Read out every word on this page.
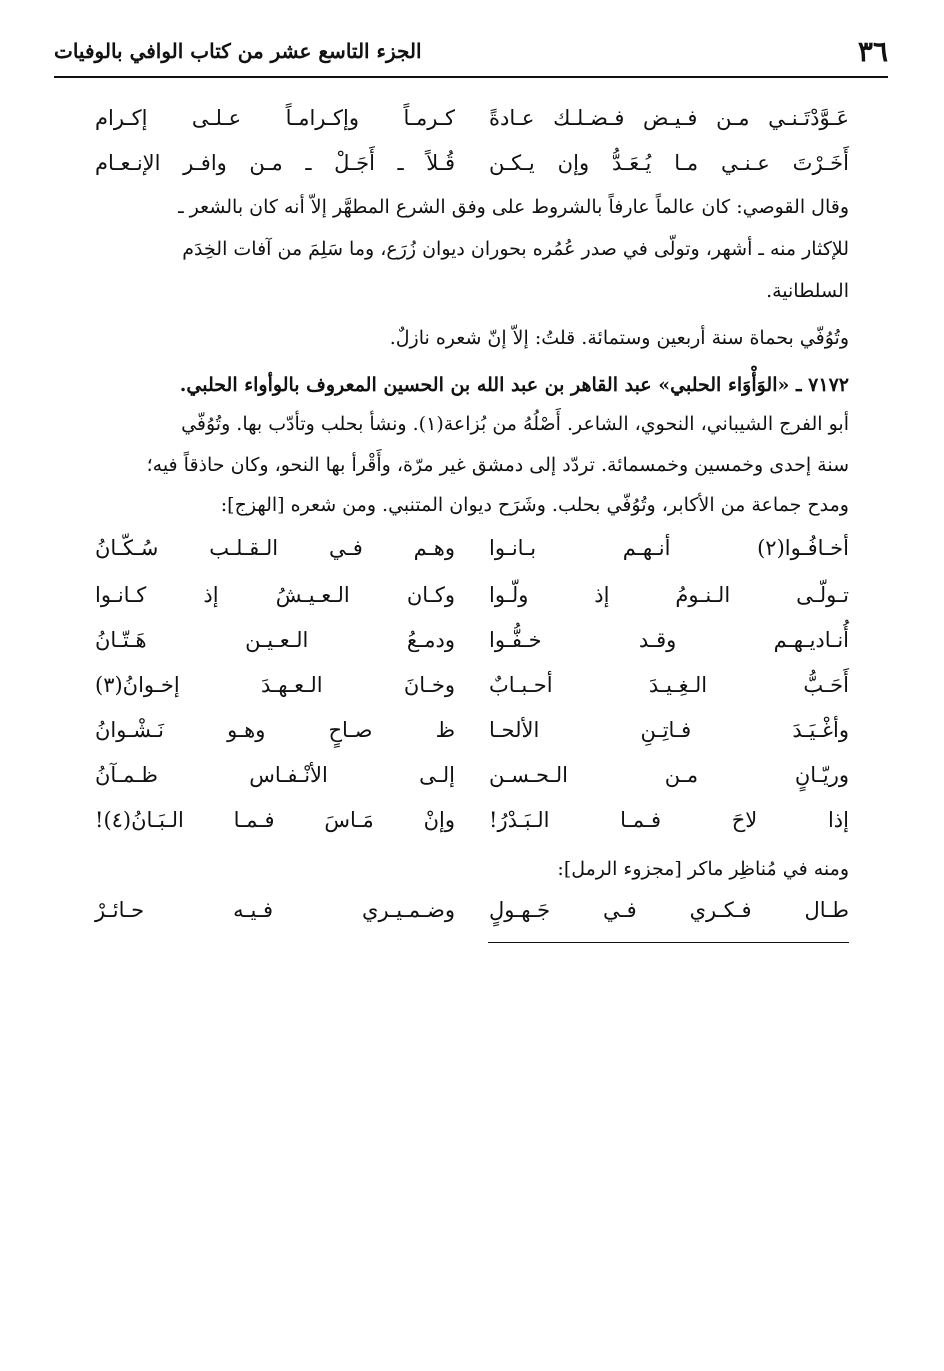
٣٦
الجزء التاسع عشر من كتاب الوافي بالوفيات
عَـوَّدْتَـنـي مـن فـيـض فـضـلـك عـادةً
كـرمـاً وإكـرامـاً عـلـى إكـرام
أَخَـرْتَ عـنـي مـا يُـعَـدُّ وإن يـكـن
قُـلاً ـ أَجَـلْ ـ مـن وافـر الإنـعـام
وقال القوصي: كان عالماً عارفاً بالشروط على وفق الشرع المطهَّر إلاّ أنه كان بالشعر ـ
للإكثار منه ـ أشهر، وتولّى في صدر عُمُره بحوران ديوان زُرَع، وما سَلِمَ من آفات الخِدَم
السلطانية.
وتُوُفّي بحماة سنة أربعين وستمائة. قلتُ: إلاّ إنّ شعره نازلٌ.
٧١٧٢ ـ «الوَأْوَاء الحلبي» عبد القاهر بن عبد الله بن الحسين المعروف بالوأواء الحلبي.
أبو الفرج الشيباني، النحوي، الشاعر. أَصْلُهُ من بُزاعة(١). ونشأ بحلب وتأدّب بها. وتُوُفّي
سنة إحدى وخمسين وخمسمائة. تردّد إلى دمشق غير مرّة، وأَقْرأ بها النحو، وكان حاذقاً فيه؛
ومدح جماعة من الأكابر، وتُوُفّي بحلب. وشَرَح ديوان المتنبي. ومن شعره [الهزج]:
أخـافُـوا(٢) أنـهـم بـانـوا
وهـم فـي الـقـلـب سُـكّـانُ
تـولّـى الـنـومُ إذ ولّـوا
وكـان الـعـيـشُ إذ كـانـوا
أُنـاديـهـم وقـد خـفُّـوا
ودمـعُ الـعـيـن هَـتّـانُ
أَحَـبُّ الـغِـيـدَ أحـبـابٌ
وخـانَ الـعـهـدَ إخـوانُ(٣)
وأغْـيَـدَ فـاتِـنِ الألحـا
ظ صـاحٍ وهـو نَـشْـوانُ
وريّـانٍ مـن الـحـسـن
إلـى الأنْـفـاس ظـمـآنُ
إذا لاحَ فـمـا الـبَـدْرُ!
وإنْ مَـاسَ فـمـا الـبَـانُ(٤)!
ومنه في مُناظِر ماكر [مجزوء الرمل]:
طـال فـكـري فـي جَـهـولٍ
وضـمـيـري فـيـه حـائـرْ
